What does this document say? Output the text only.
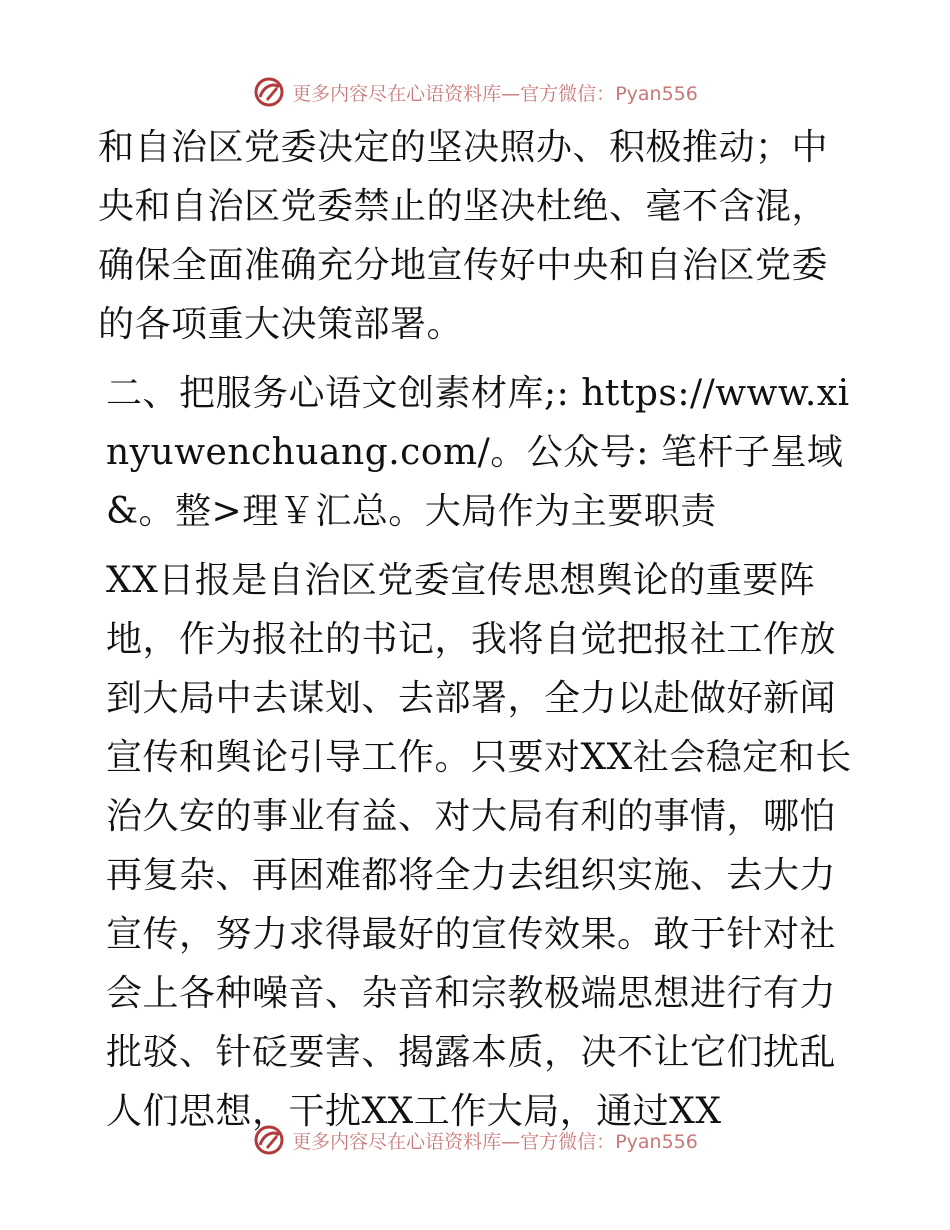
更多内容尽在心语资料库—官方微信：Pyan556

和自治区党委决定的坚决照办、积极推动；中央和自治区党委禁止的坚决杜绝、毫不含混，确保全面准确充分地宣传好中央和自治区党委的各项重大决策部署。

二、把服务心语文创素材库;: https://www.xinyuwenchuang.com/。公众号: 笔杆子星域&。整>理￥汇总。大局作为主要职责

XX日报是自治区党委宣传思想舆论的重要阵地，作为报社的书记，我将自觉把报社工作放到大局中去谋划、去部署，全力以赴做好新闻宣传和舆论引导工作。只要对XX社会稳定和长治久安的事业有益、对大局有利的事情，哪怕再复杂、再困难都将全力去组织实施、去大力宣传，努力求得最好的宣传效果。敢于针对社会上各种噪音、杂音和宗教极端思想进行有力批驳、针砭要害、揭露本质，决不让它们扰乱人们思想，干扰XX工作大局，通过XX

更多内容尽在心语资料库—官方微信：Pyan556
